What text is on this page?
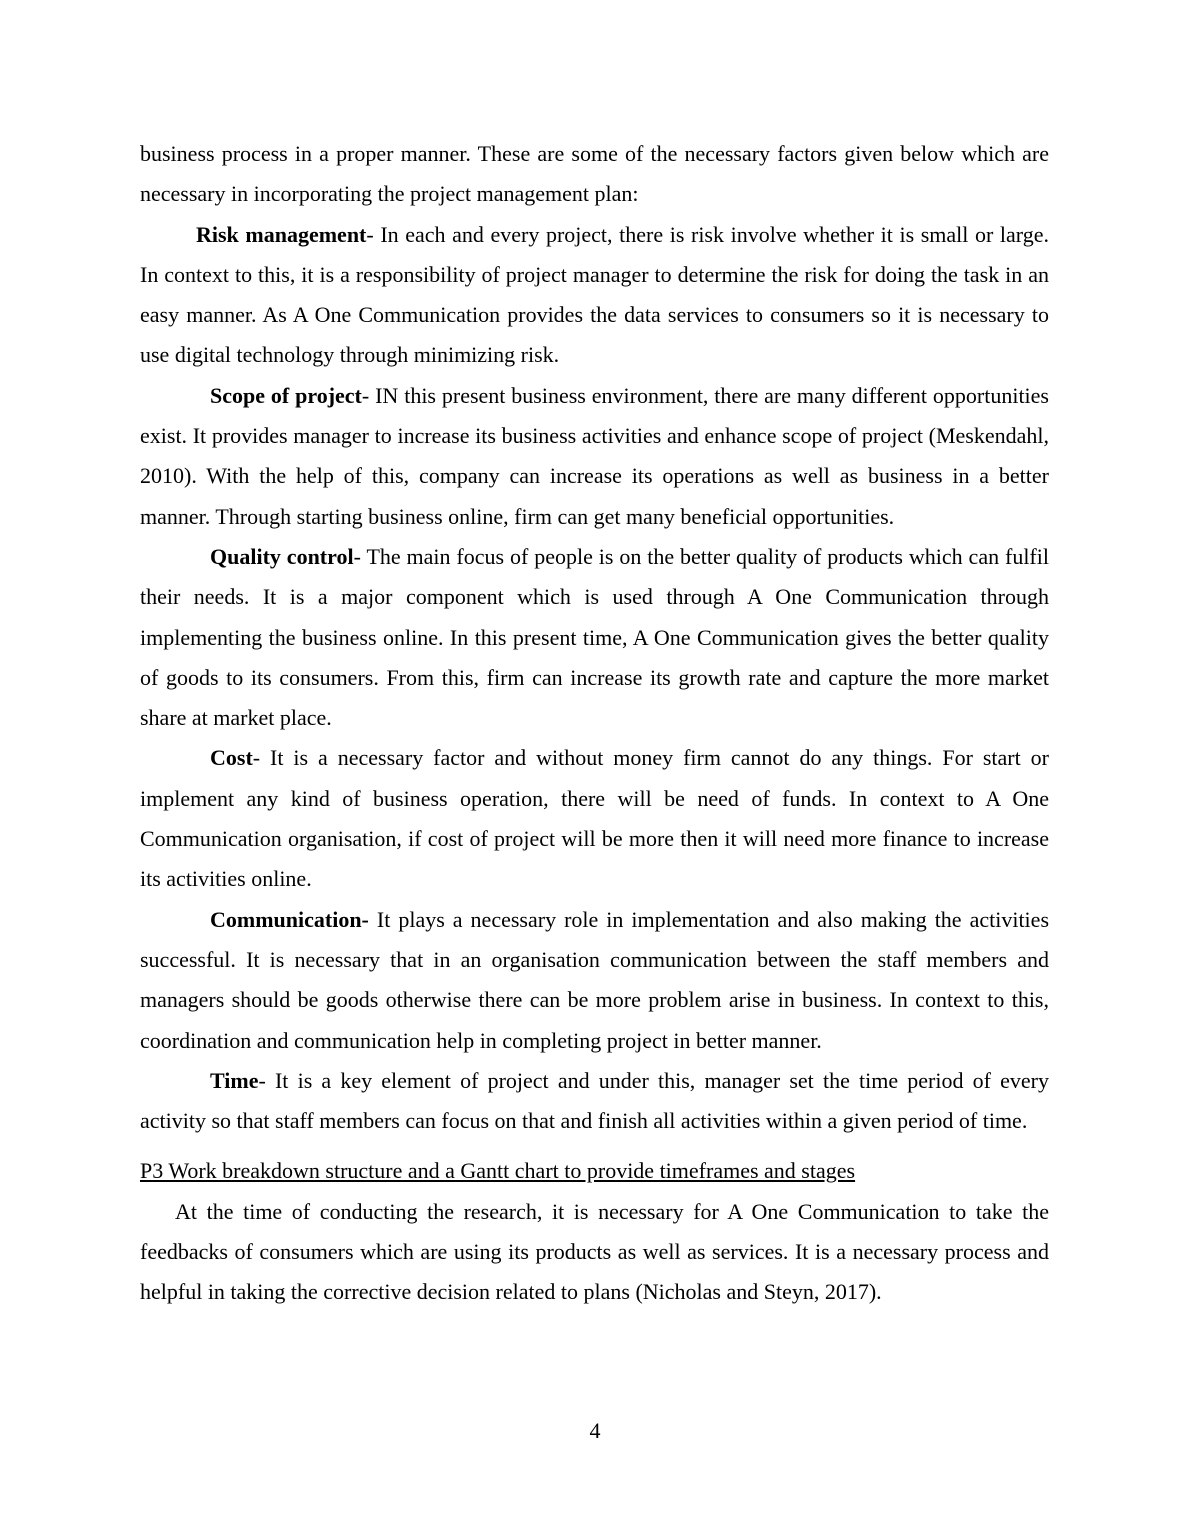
business process in a proper manner. These are some of the necessary factors given below which are necessary in incorporating the project management plan:

Risk management- In each and every project, there is risk involve whether it is small or large. In context to this, it is a responsibility of project manager to determine the risk for doing the task in an easy manner. As A One Communication provides the data services to consumers so it is necessary to use digital technology through minimizing risk.

Scope of project- IN this present business environment, there are many different opportunities exist. It provides manager to increase its business activities and enhance scope of project (Meskendahl, 2010). With the help of this, company can increase its operations as well as business in a better manner. Through starting business online, firm can get many beneficial opportunities.

Quality control- The main focus of people is on the better quality of products which can fulfil their needs. It is a major component which is used through A One Communication through implementing the business online. In this present time, A One Communication gives the better quality of goods to its consumers. From this, firm can increase its growth rate and capture the more market share at market place.

Cost- It is a necessary factor and without money firm cannot do any things. For start or implement any kind of business operation, there will be need of funds. In context to A One Communication organisation, if cost of project will be more then it will need more finance to increase its activities online.

Communication- It plays a necessary role in implementation and also making the activities successful. It is necessary that in an organisation communication between the staff members and managers should be goods otherwise there can be more problem arise in business. In context to this, coordination and communication help in completing project in better manner.

Time- It is a key element of project and under this, manager set the time period of every activity so that staff members can focus on that and finish all activities within a given period of time.

P3 Work breakdown structure and a Gantt chart to provide timeframes and stages

At the time of conducting the research, it is necessary for A One Communication to take the feedbacks of consumers which are using its products as well as services. It is a necessary process and helpful in taking the corrective decision related to plans (Nicholas and Steyn, 2017).

4
